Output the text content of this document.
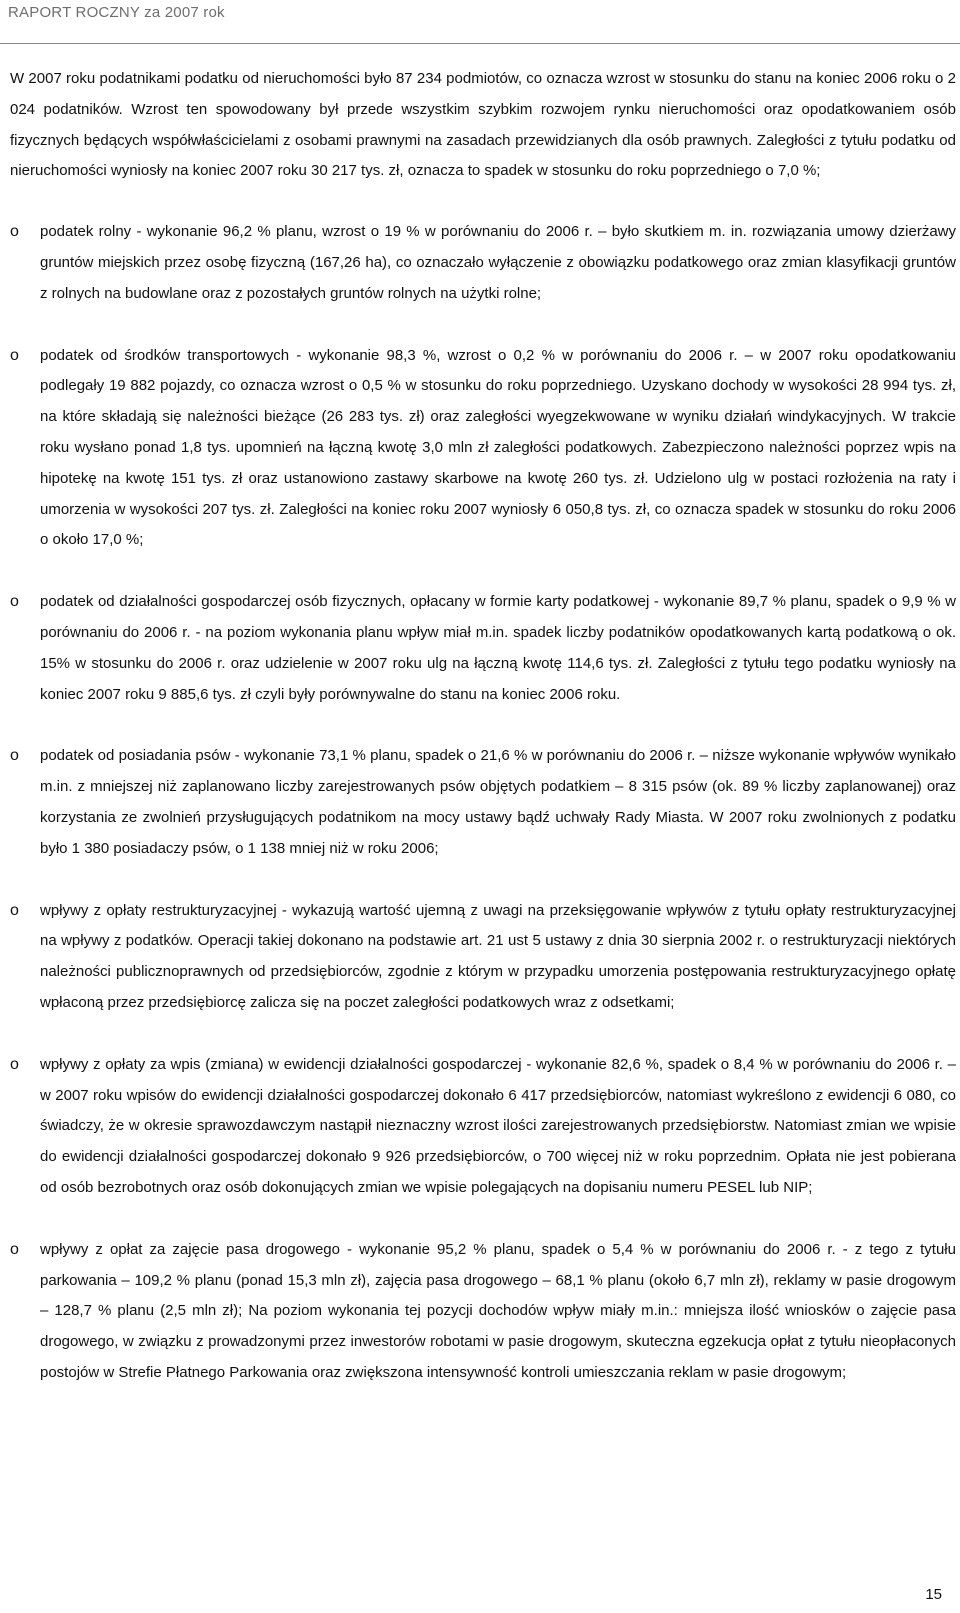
RAPORT ROCZNY za 2007 rok

W 2007 roku podatnikami podatku od nieruchomości było 87 234 podmiotów, co oznacza wzrost w stosunku do stanu na koniec 2006 roku o 2 024 podatników. Wzrost ten spowodowany był przede wszystkim szybkim rozwojem rynku nieruchomości oraz opodatkowaniem osób fizycznych będących współwłaścicielami z osobami prawnymi na zasadach przewidzianych dla osób prawnych. Zaległości z tytułu podatku od nieruchomości wyniosły na koniec 2007 roku 30 217 tys. zł, oznacza to spadek w stosunku do roku poprzedniego o 7,0 %;

o podatek rolny - wykonanie 96,2 % planu, wzrost o 19 % w porównaniu do 2006 r. – było skutkiem m. in. rozwiązania umowy dzierżawy gruntów miejskich przez osobę fizyczną (167,26 ha), co oznaczało wyłączenie z obowiązku podatkowego oraz zmian klasyfikacji gruntów z rolnych na budowlane oraz z pozostałych gruntów rolnych na użytki rolne;
o podatek od środków transportowych - wykonanie 98,3 %, wzrost o 0,2 % w porównaniu do 2006 r. – w 2007 roku opodatkowaniu podlegały 19 882 pojazdy, co oznacza wzrost o 0,5 % w stosunku do roku poprzedniego. Uzyskano dochody w wysokości 28 994 tys. zł, na które składają się należności bieżące (26 283 tys. zł) oraz zaległości wyegzekwowane w wyniku działań windykacyjnych. W trakcie roku wysłano ponad 1,8 tys. upomnień na łączną kwotę 3,0 mln zł zaległości podatkowych. Zabezpieczono należności poprzez wpis na hipotekę na kwotę 151 tys. zł oraz ustanowiono zastawy skarbowe na kwotę 260 tys. zł. Udzielono ulg w postaci rozłożenia na raty i umorzenia w wysokości 207 tys. zł. Zaległości na koniec roku 2007 wyniosły 6 050,8 tys. zł, co oznacza spadek w stosunku do roku 2006 o około 17,0 %;
o podatek od działalności gospodarczej osób fizycznych, opłacany w formie karty podatkowej - wykonanie 89,7 % planu, spadek o 9,9 % w porównaniu do 2006 r. - na poziom wykonania planu wpływ miał m.in. spadek liczby podatników opodatkowanych kartą podatkową o ok. 15% w stosunku do 2006 r. oraz udzielenie w 2007 roku ulg na łączną kwotę 114,6 tys. zł. Zaległości z tytułu tego podatku wyniosły na koniec 2007 roku 9 885,6 tys. zł czyli były porównywalne do stanu na koniec 2006 roku.
o podatek od posiadania psów - wykonanie 73,1 % planu, spadek o 21,6 % w porównaniu do 2006 r. – niższe wykonanie wpływów wynikało m.in. z mniejszej niż zaplanowano liczby zarejestrowanych psów objętych podatkiem – 8 315 psów (ok. 89 % liczby zaplanowanej) oraz korzystania ze zwolnień przysługujących podatnikom na mocy ustawy bądź uchwały Rady Miasta. W 2007 roku zwolnionych z podatku było 1 380 posiadaczy psów, o 1 138 mniej niż w roku 2006;
o wpływy z opłaty restrukturyzacyjnej - wykazują wartość ujemną z uwagi na przeksięgowanie wpływów z tytułu opłaty restrukturyzacyjnej na wpływy z podatków. Operacji takiej dokonano na podstawie art. 21 ust 5 ustawy z dnia 30 sierpnia 2002 r. o restrukturyzacji niektórych należności publicznoprawnych od przedsiębiorców, zgodnie z którym w przypadku umorzenia postępowania restrukturyzacyjnego opłatę wpłaconą przez przedsiębiorcę zalicza się na poczet zaległości podatkowych wraz z odsetkami;
o wpływy z opłaty za wpis (zmiana) w ewidencji działalności gospodarczej - wykonanie 82,6 %, spadek o 8,4 % w porównaniu do 2006 r. – w 2007 roku wpisów do ewidencji działalności gospodarczej dokonało 6 417 przedsiębiorców, natomiast wykreślono z ewidencji 6 080, co świadczy, że w okresie sprawozdawczym nastąpił nieznaczny wzrost ilości zarejestrowanych przedsiębiorstw. Natomiast zmian we wpisie do ewidencji działalności gospodarczej dokonało 9 926 przedsiębiorców, o 700 więcej niż w roku poprzednim. Opłata nie jest pobierana od osób bezrobotnych oraz osób dokonujących zmian we wpisie polegających na dopisaniu numeru PESEL lub NIP;
o wpływy z opłat za zajęcie pasa drogowego - wykonanie 95,2 % planu, spadek o 5,4 % w porównaniu do 2006 r. - z tego z tytułu parkowania – 109,2 % planu (ponad 15,3 mln zł), zajęcia pasa drogowego – 68,1 % planu (około 6,7 mln zł), reklamy w pasie drogowym – 128,7 % planu (2,5 mln zł); Na poziom wykonania tej pozycji dochodów wpływ miały m.in.: mniejsza ilość wniosków o zajęcie pasa drogowego, w związku z prowadzonymi przez inwestorów robotami w pasie drogowym, skuteczna egzekucja opłat z tytułu nieopłaconych postojów w Strefie Płatnego Parkowania oraz zwiększona intensywność kontroli umieszczania reklam w pasie drogowym;
15
